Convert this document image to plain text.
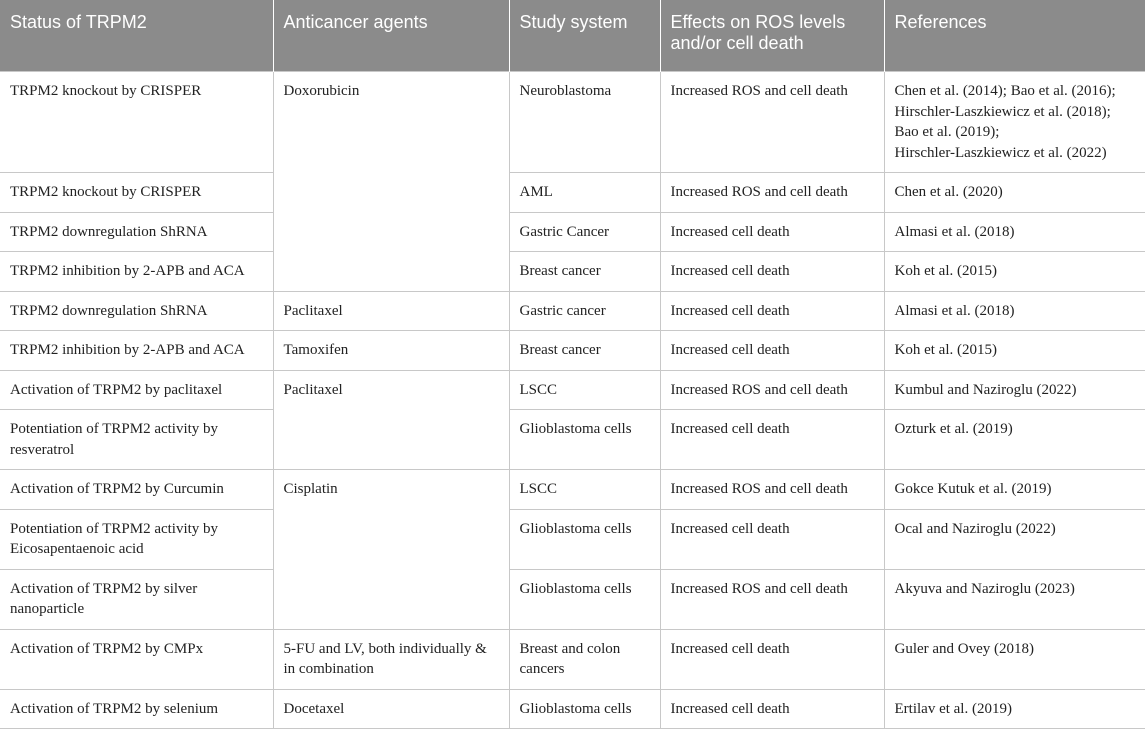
Status of TRPM2	Anticancer agents	Study system	Effects on ROS levels and/or cell death	References
TRPM2 knockout by CRISPER	Doxorubicin	Neuroblastoma	Increased ROS and cell death	Chen et al. (2014); Bao et al. (2016);
Hirschler-Laszkiewicz et al. (2018);
Bao et al. (2019);
Hirschler-Laszkiewicz et al. (2022)

TRPM2 knockout by CRISPER		AML	Increased ROS and cell death	Chen et al. (2020)
TRPM2 downregulation ShRNA		Gastric Cancer	Increased cell death	Almasi et al. (2018)
TRPM2 inhibition by 2-APB and ACA		Breast cancer	Increased cell death	Koh et al. (2015)
TRPM2 downregulation ShRNA	Paclitaxel	Gastric cancer	Increased cell death	Almasi et al. (2018)
TRPM2 inhibition by 2-APB and ACA	Tamoxifen	Breast cancer	Increased cell death	Koh et al. (2015)
Activation of TRPM2 by paclitaxel	Paclitaxel	LSCC	Increased ROS and cell death	Kumbul and Naziroglu (2022)
Potentiation of TRPM2 activity by resveratrol		Glioblastoma cells	Increased cell death	Ozturk et al. (2019)
Activation of TRPM2 by Curcumin	Cisplatin	LSCC	Increased ROS and cell death	Gokce Kutuk et al. (2019)
Potentiation of TRPM2 activity by Eicosapentaenoic acid		Glioblastoma cells	Increased cell death	Ocal and Naziroglu (2022)
Activation of TRPM2 by silver nanoparticle		Glioblastoma cells	Increased ROS and cell death	Akyuva and Naziroglu (2023)
Activation of TRPM2 by CMPx	5-FU and LV, both individually & in combination	Breast and colon cancers	Increased cell death	Guler and Ovey (2018)
Activation of TRPM2 by selenium	Docetaxel	Glioblastoma cells	Increased cell death	Ertilav et al. (2019)
